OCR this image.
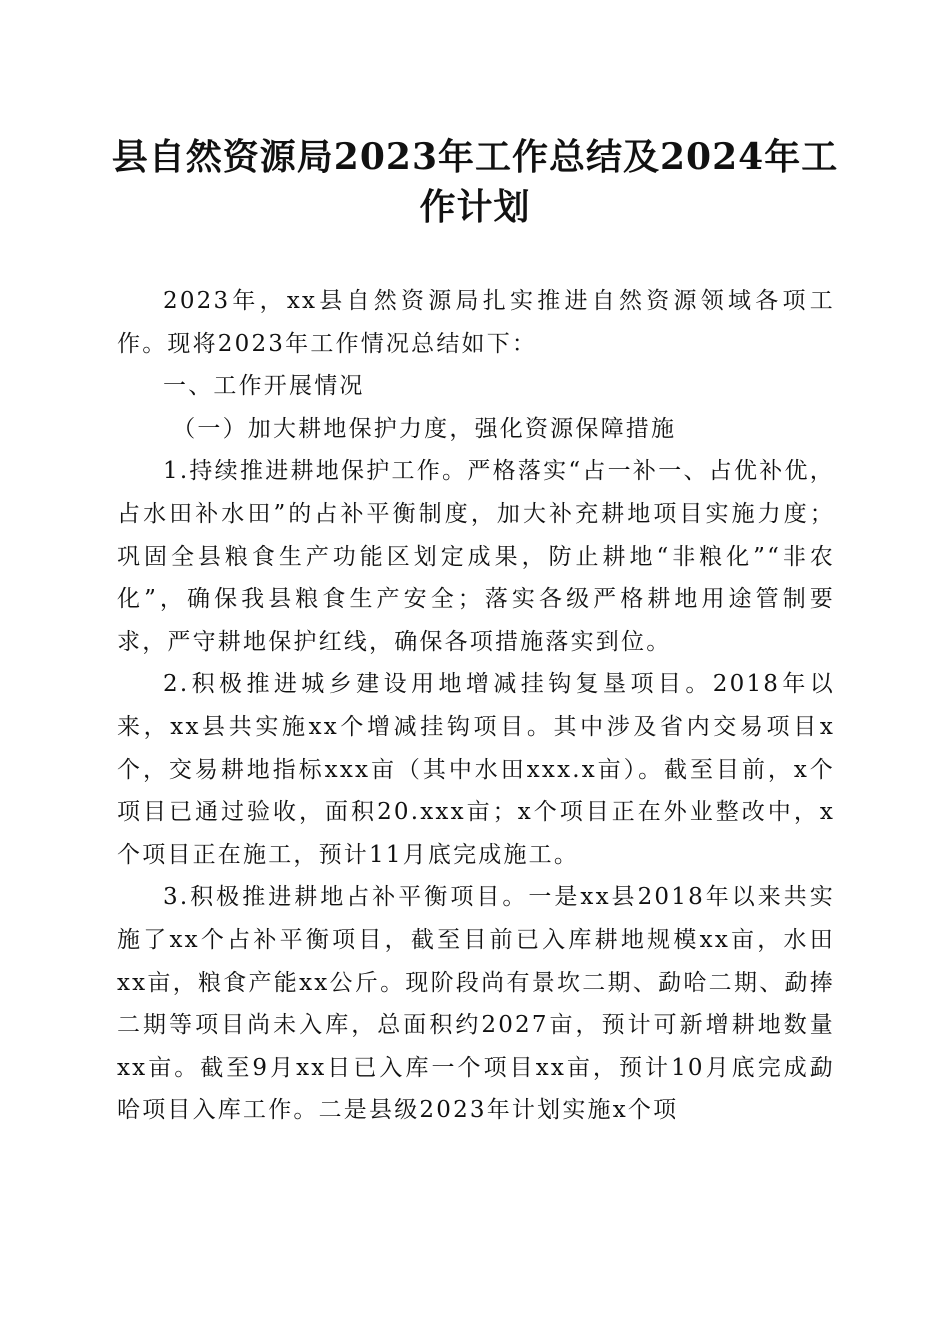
县自然资源局2023年工作总结及2024年工作计划

2023年，xx县自然资源局扎实推进自然资源领域各项工作。现将2023年工作情况总结如下：

一、工作开展情况

（一）加大耕地保护力度，强化资源保障措施

1.持续推进耕地保护工作。严格落实“占一补一、占优补优，占水田补水田”的占补平衡制度，加大补充耕地项目实施力度；巩固全县粮食生产功能区划定成果，防止耕地“非粮化”“非农化”，确保我县粮食生产安全；落实各级严格耕地用途管制要求，严守耕地保护红线，确保各项措施落实到位。

2.积极推进城乡建设用地增减挂钩复垦项目。2018年以来，xx县共实施xx个增减挂钩项目。其中涉及省内交易项目x个，交易耕地指标xxx亩（其中水田xxx.x亩）。截至目前，x个项目已通过验收，面积20.xxx亩；x个项目正在外业整改中，x个项目正在施工，预计11月底完成施工。

3.积极推进耕地占补平衡项目。一是xx县2018年以来共实施了xx个占补平衡项目，截至目前已入库耕地规模xx亩，水田xx亩，粮食产能xx公斤。现阶段尚有景坎二期、勐哈二期、勐捧二期等项目尚未入库，总面积约2027亩，预计可新增耕地数量xx亩。截至9月xx日已入库一个项目xx亩，预计10月底完成勐哈项目入库工作。二是县级2023年计划实施x个项
